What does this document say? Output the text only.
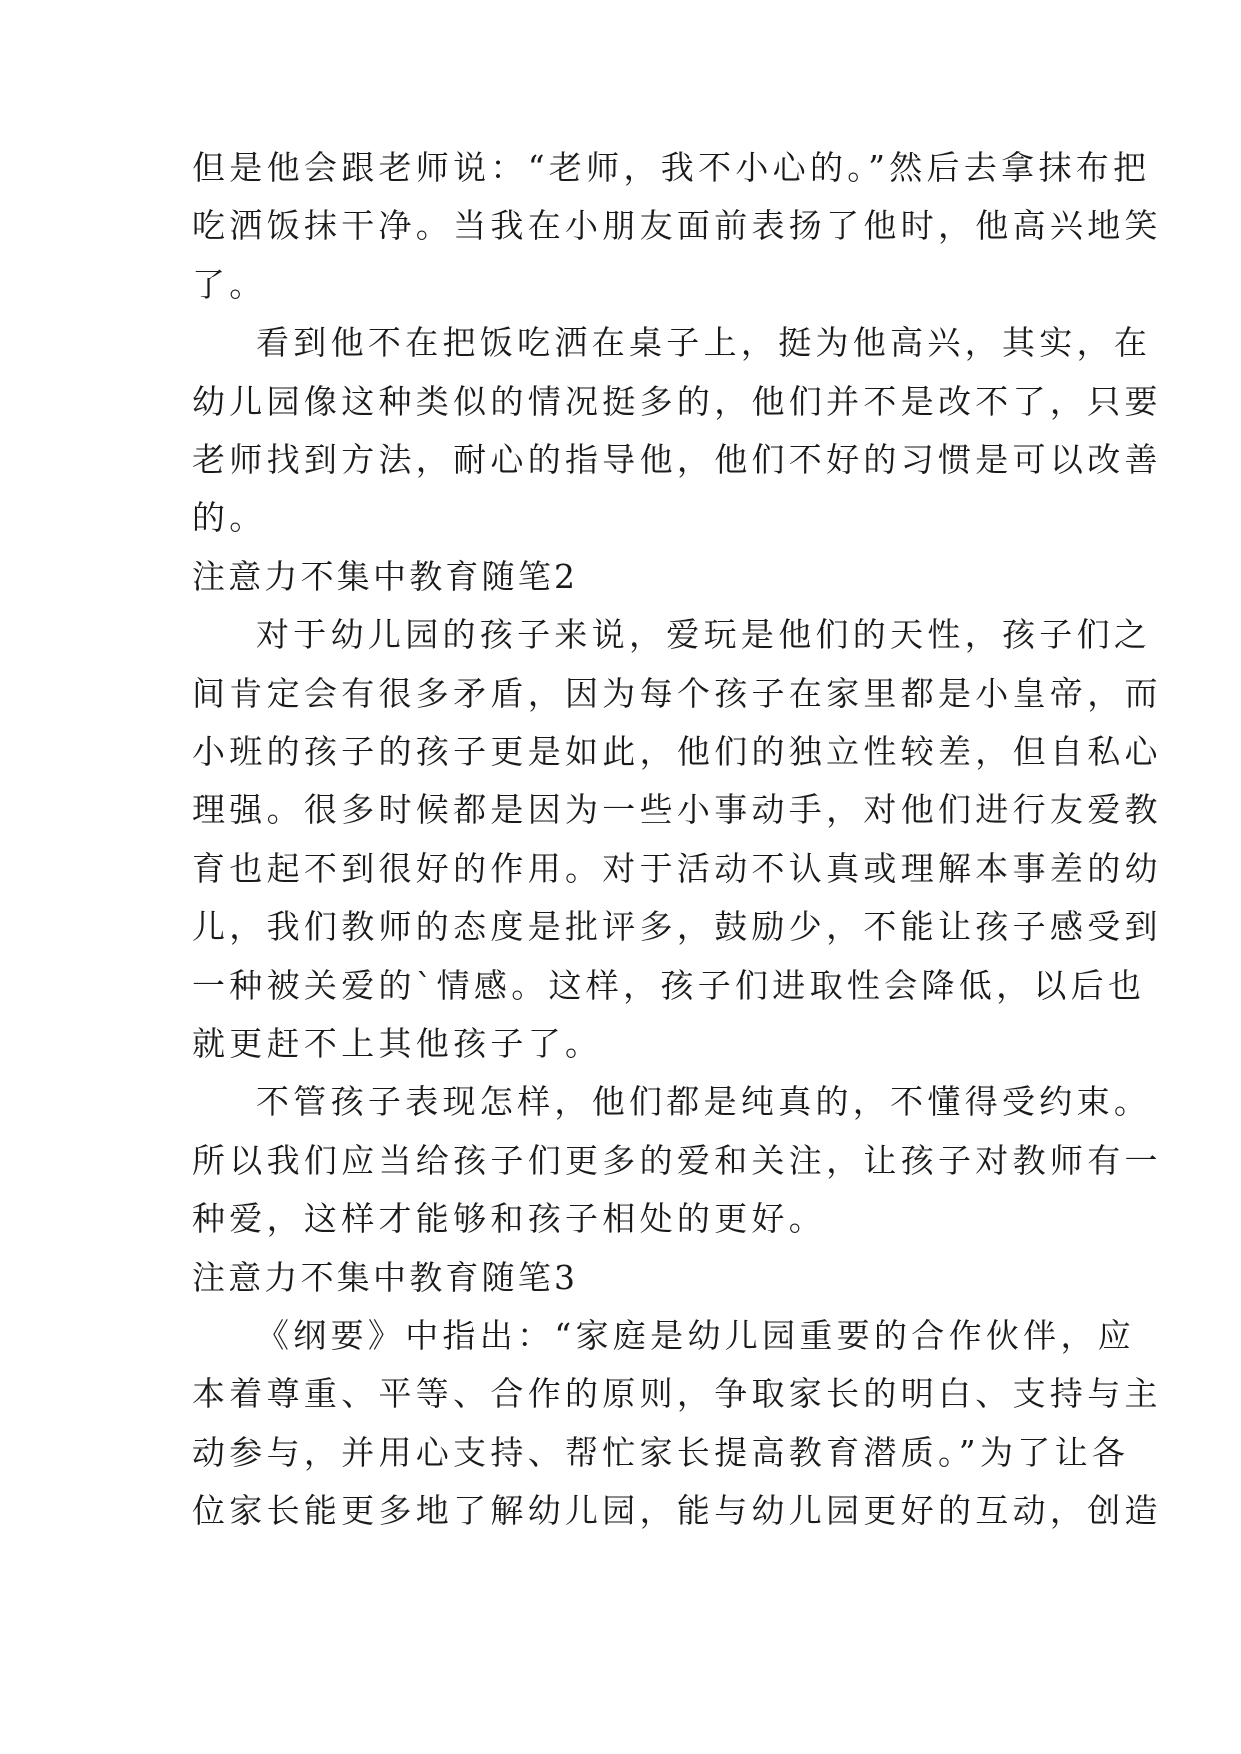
但是他会跟老师说：“老师，我不小心的。”然后去拿抹布把
吃洒饭抹干净。当我在小朋友面前表扬了他时，他高兴地笑
了。
看到他不在把饭吃洒在桌子上，挺为他高兴，其实，在
幼儿园像这种类似的情况挺多的，他们并不是改不了，只要
老师找到方法，耐心的指导他，他们不好的习惯是可以改善
的。
注意力不集中教育随笔2
对于幼儿园的孩子来说，爱玩是他们的天性，孩子们之
间肯定会有很多矛盾，因为每个孩子在家里都是小皇帝，而
小班的孩子的孩子更是如此，他们的独立性较差，但自私心
理强。很多时候都是因为一些小事动手，对他们进行友爱教
育也起不到很好的作用。对于活动不认真或理解本事差的幼
儿，我们教师的态度是批评多，鼓励少，不能让孩子感受到
一种被关爱的`情感。这样，孩子们进取性会降低，以后也
就更赶不上其他孩子了。
不管孩子表现怎样，他们都是纯真的，不懂得受约束。
所以我们应当给孩子们更多的爱和关注，让孩子对教师有一
种爱，这样才能够和孩子相处的更好。
注意力不集中教育随笔3
《纲要》中指出：“家庭是幼儿园重要的合作伙伴，应
本着尊重、平等、合作的原则，争取家长的明白、支持与主
动参与，并用心支持、帮忙家长提高教育潜质。”为了让各
位家长能更多地了解幼儿园，能与幼儿园更好的互动，创造
